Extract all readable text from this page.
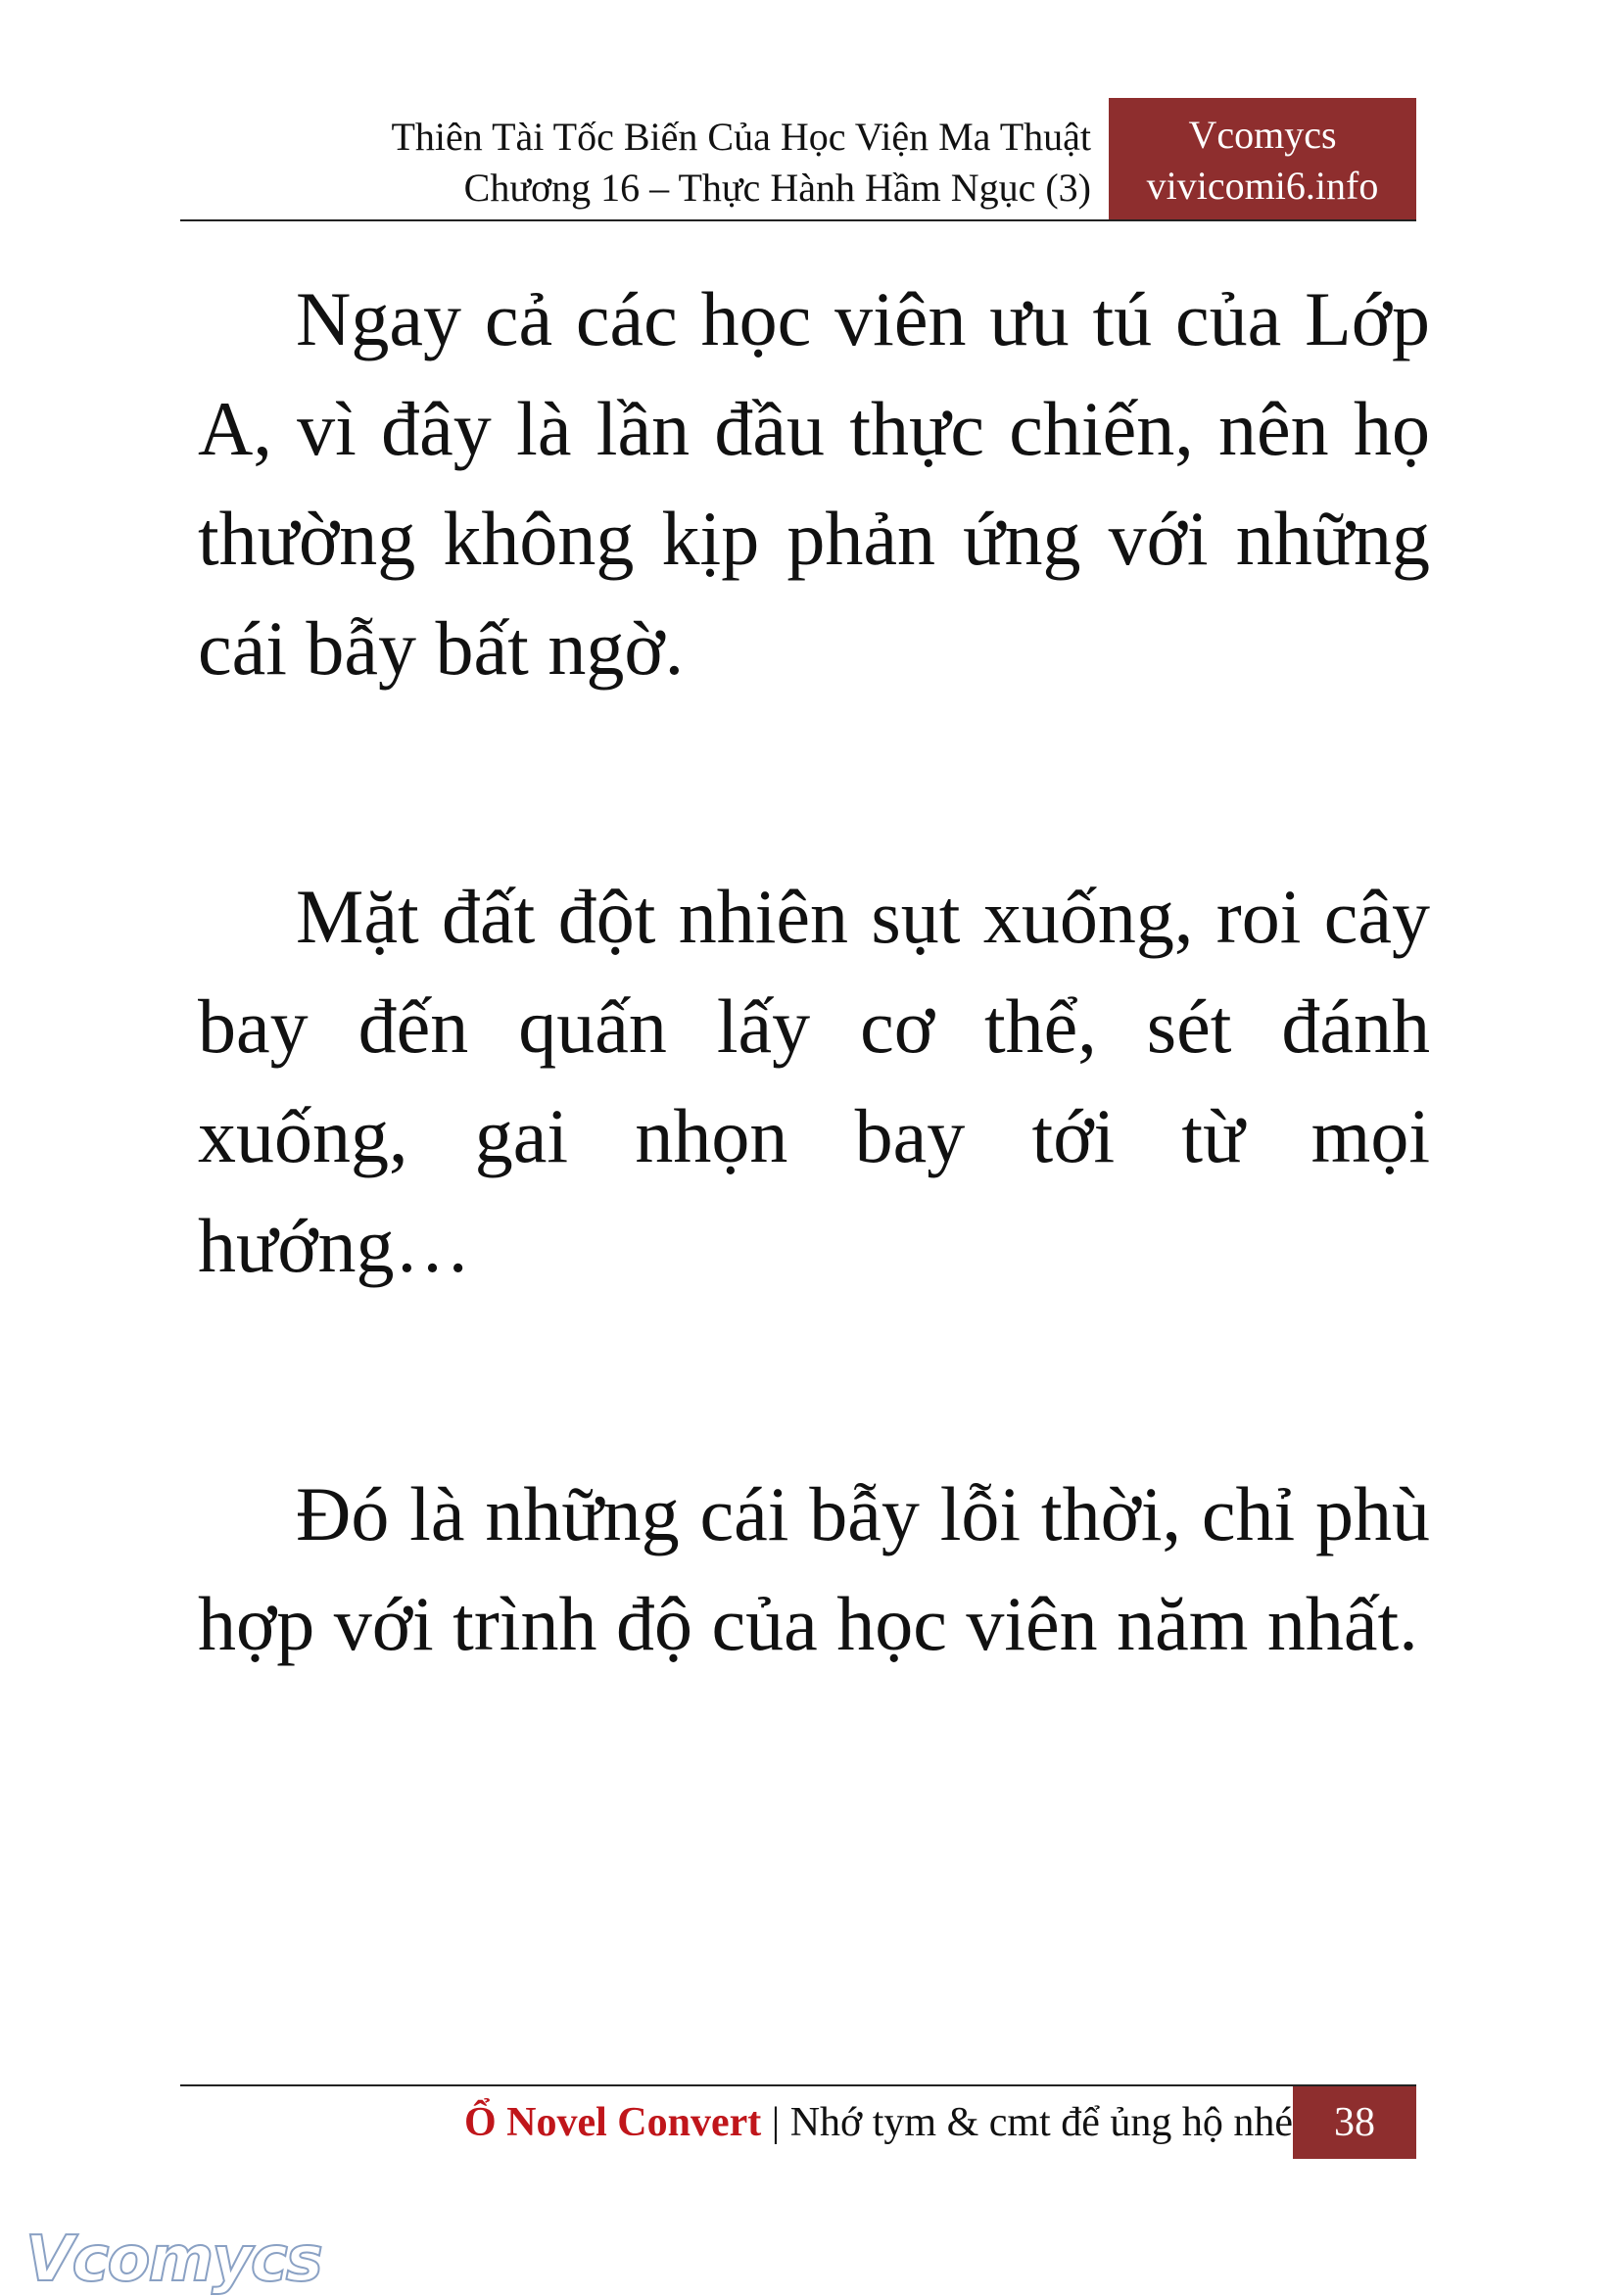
Thiên Tài Tốc Biến Của Học Viện Ma Thuật
Chương 16 – Thực Hành Hầm Ngục (3)
Vcomycs
vivicomi6.info

Ngay cả các học viên ưu tú của Lớp A, vì đây là lần đầu thực chiến, nên họ thường không kịp phản ứng với những cái bẫy bất ngờ.

Mặt đất đột nhiên sụt xuống, roi cây bay đến quấn lấy cơ thể, sét đánh xuống, gai nhọn bay tới từ mọi hướng…

Đó là những cái bẫy lỗi thời, chỉ phù hợp với trình độ của học viên năm nhất.

Ổ Novel Convert | Nhớ tym & cmt để ủng hộ nhé	38
Vcomycs
